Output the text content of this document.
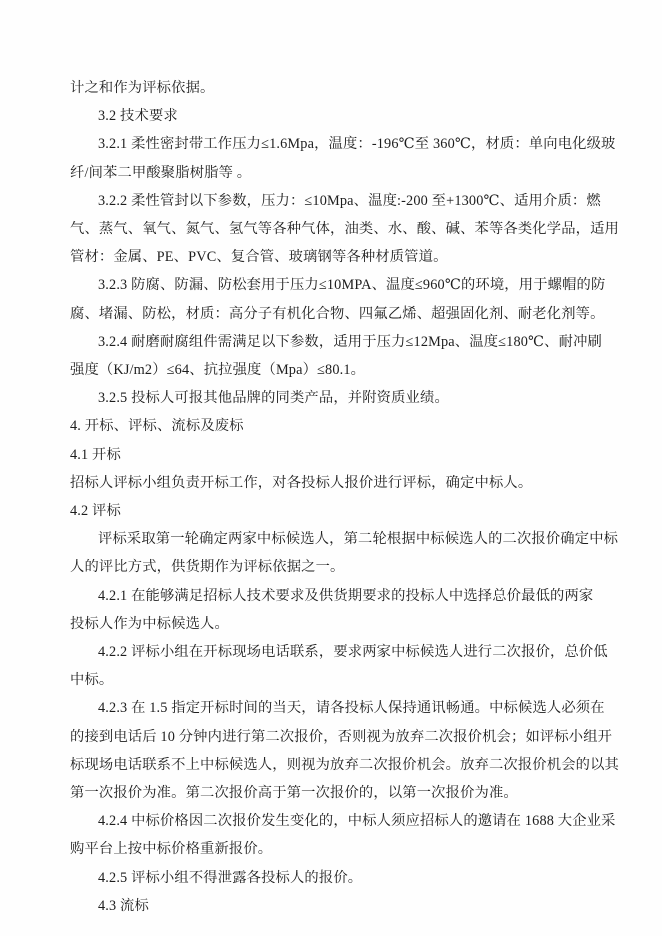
计之和作为评标依据。
3.2 技术要求
3.2.1 柔性密封带工作压力≤1.6Mpa，温度：-196℃至 360℃，材质：单向电化级玻
纤/间苯二甲酸聚脂树脂等 。
3.2.2 柔性管封以下参数，压力：≤10Mpa、温度:-200 至+1300℃、适用介质：燃
气、蒸气、氧气、氮气、氢气等各种气体，油类、水、酸、碱、苯等各类化学品，适用
管材：金属、PE、PVC、复合管、玻璃钢等各种材质管道。
3.2.3 防腐、防漏、防松套用于压力≤10MPA、温度≤960℃的环境，用于螺帽的防
腐、堵漏、防松，材质：高分子有机化合物、四氟乙烯、超强固化剂、耐老化剂等。
3.2.4 耐磨耐腐组件需满足以下参数，适用于压力≤12Mpa、温度≤180℃、耐冲刷
强度（KJ/m2）≤64、抗拉强度（Mpa）≤80.1。
3.2.5 投标人可报其他品牌的同类产品，并附资质业绩。
4. 开标、评标、流标及废标
4.1 开标
招标人评标小组负责开标工作，对各投标人报价进行评标，确定中标人。
4.2 评标
评标采取第一轮确定两家中标候选人，第二轮根据中标候选人的二次报价确定中标
人的评比方式，供货期作为评标依据之一。
4.2.1 在能够满足招标人技术要求及供货期要求的投标人中选择总价最低的两家
投标人作为中标候选人。
4.2.2 评标小组在开标现场电话联系，要求两家中标候选人进行二次报价，总价低
中标。
4.2.3 在 1.5 指定开标时间的当天，请各投标人保持通讯畅通。中标候选人必须在
的接到电话后 10 分钟内进行第二次报价，否则视为放弃二次报价机会；如评标小组开
标现场电话联系不上中标候选人，则视为放弃二次报价机会。放弃二次报价机会的以其
第一次报价为准。第二次报价高于第一次报价的，以第一次报价为准。
4.2.4 中标价格因二次报价发生变化的，中标人须应招标人的邀请在 1688 大企业采
购平台上按中标价格重新报价。
4.2.5 评标小组不得泄露各投标人的报价。
4.3 流标
